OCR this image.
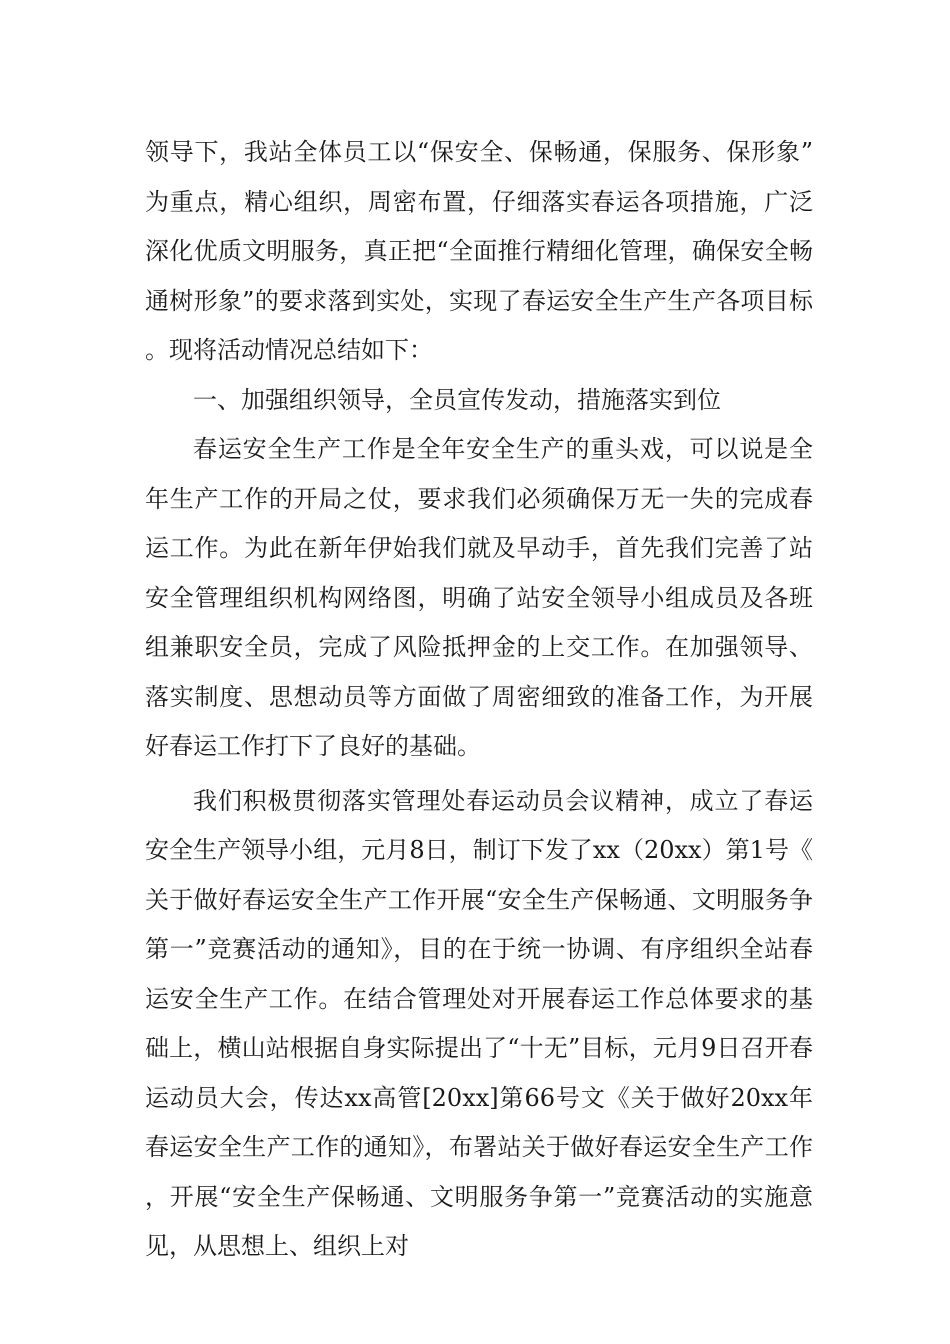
领导下，我站全体员工以“保安全、保畅通，保服务、保形象”为重点，精心组织，周密布置，仔细落实春运各项措施，广泛深化优质文明服务，真正把“全面推行精细化管理，确保安全畅通树形象”的要求落到实处，实现了春运安全生产生产各项目标。现将活动情况总结如下：

一、加强组织领导，全员宣传发动，措施落实到位

春运安全生产工作是全年安全生产的重头戏，可以说是全年生产工作的开局之仗，要求我们必须确保万无一失的完成春运工作。为此在新年伊始我们就及早动手，首先我们完善了站安全管理组织机构网络图，明确了站安全领导小组成员及各班组兼职安全员，完成了风险抵押金的上交工作。在加强领导、落实制度、思想动员等方面做了周密细致的准备工作，为开展好春运工作打下了良好的基础。

我们积极贯彻落实管理处春运动员会议精神，成立了春运安全生产领导小组，元月8日，制订下发了xx（20xx）第1号《关于做好春运安全生产工作开展“安全生产保畅通、文明服务争第一”竞赛活动的通知》，目的在于统一协调、有序组织全站春运安全生产工作。在结合管理处对开展春运工作总体要求的基础上，横山站根据自身实际提出了“十无”目标，元月9日召开春运动员大会，传达xx高管[20xx]第66号文《关于做好20xx年春运安全生产工作的通知》，布署站关于做好春运安全生产工作，开展“安全生产保畅通、文明服务争第一”竞赛活动的实施意见，从思想上、组织上对
